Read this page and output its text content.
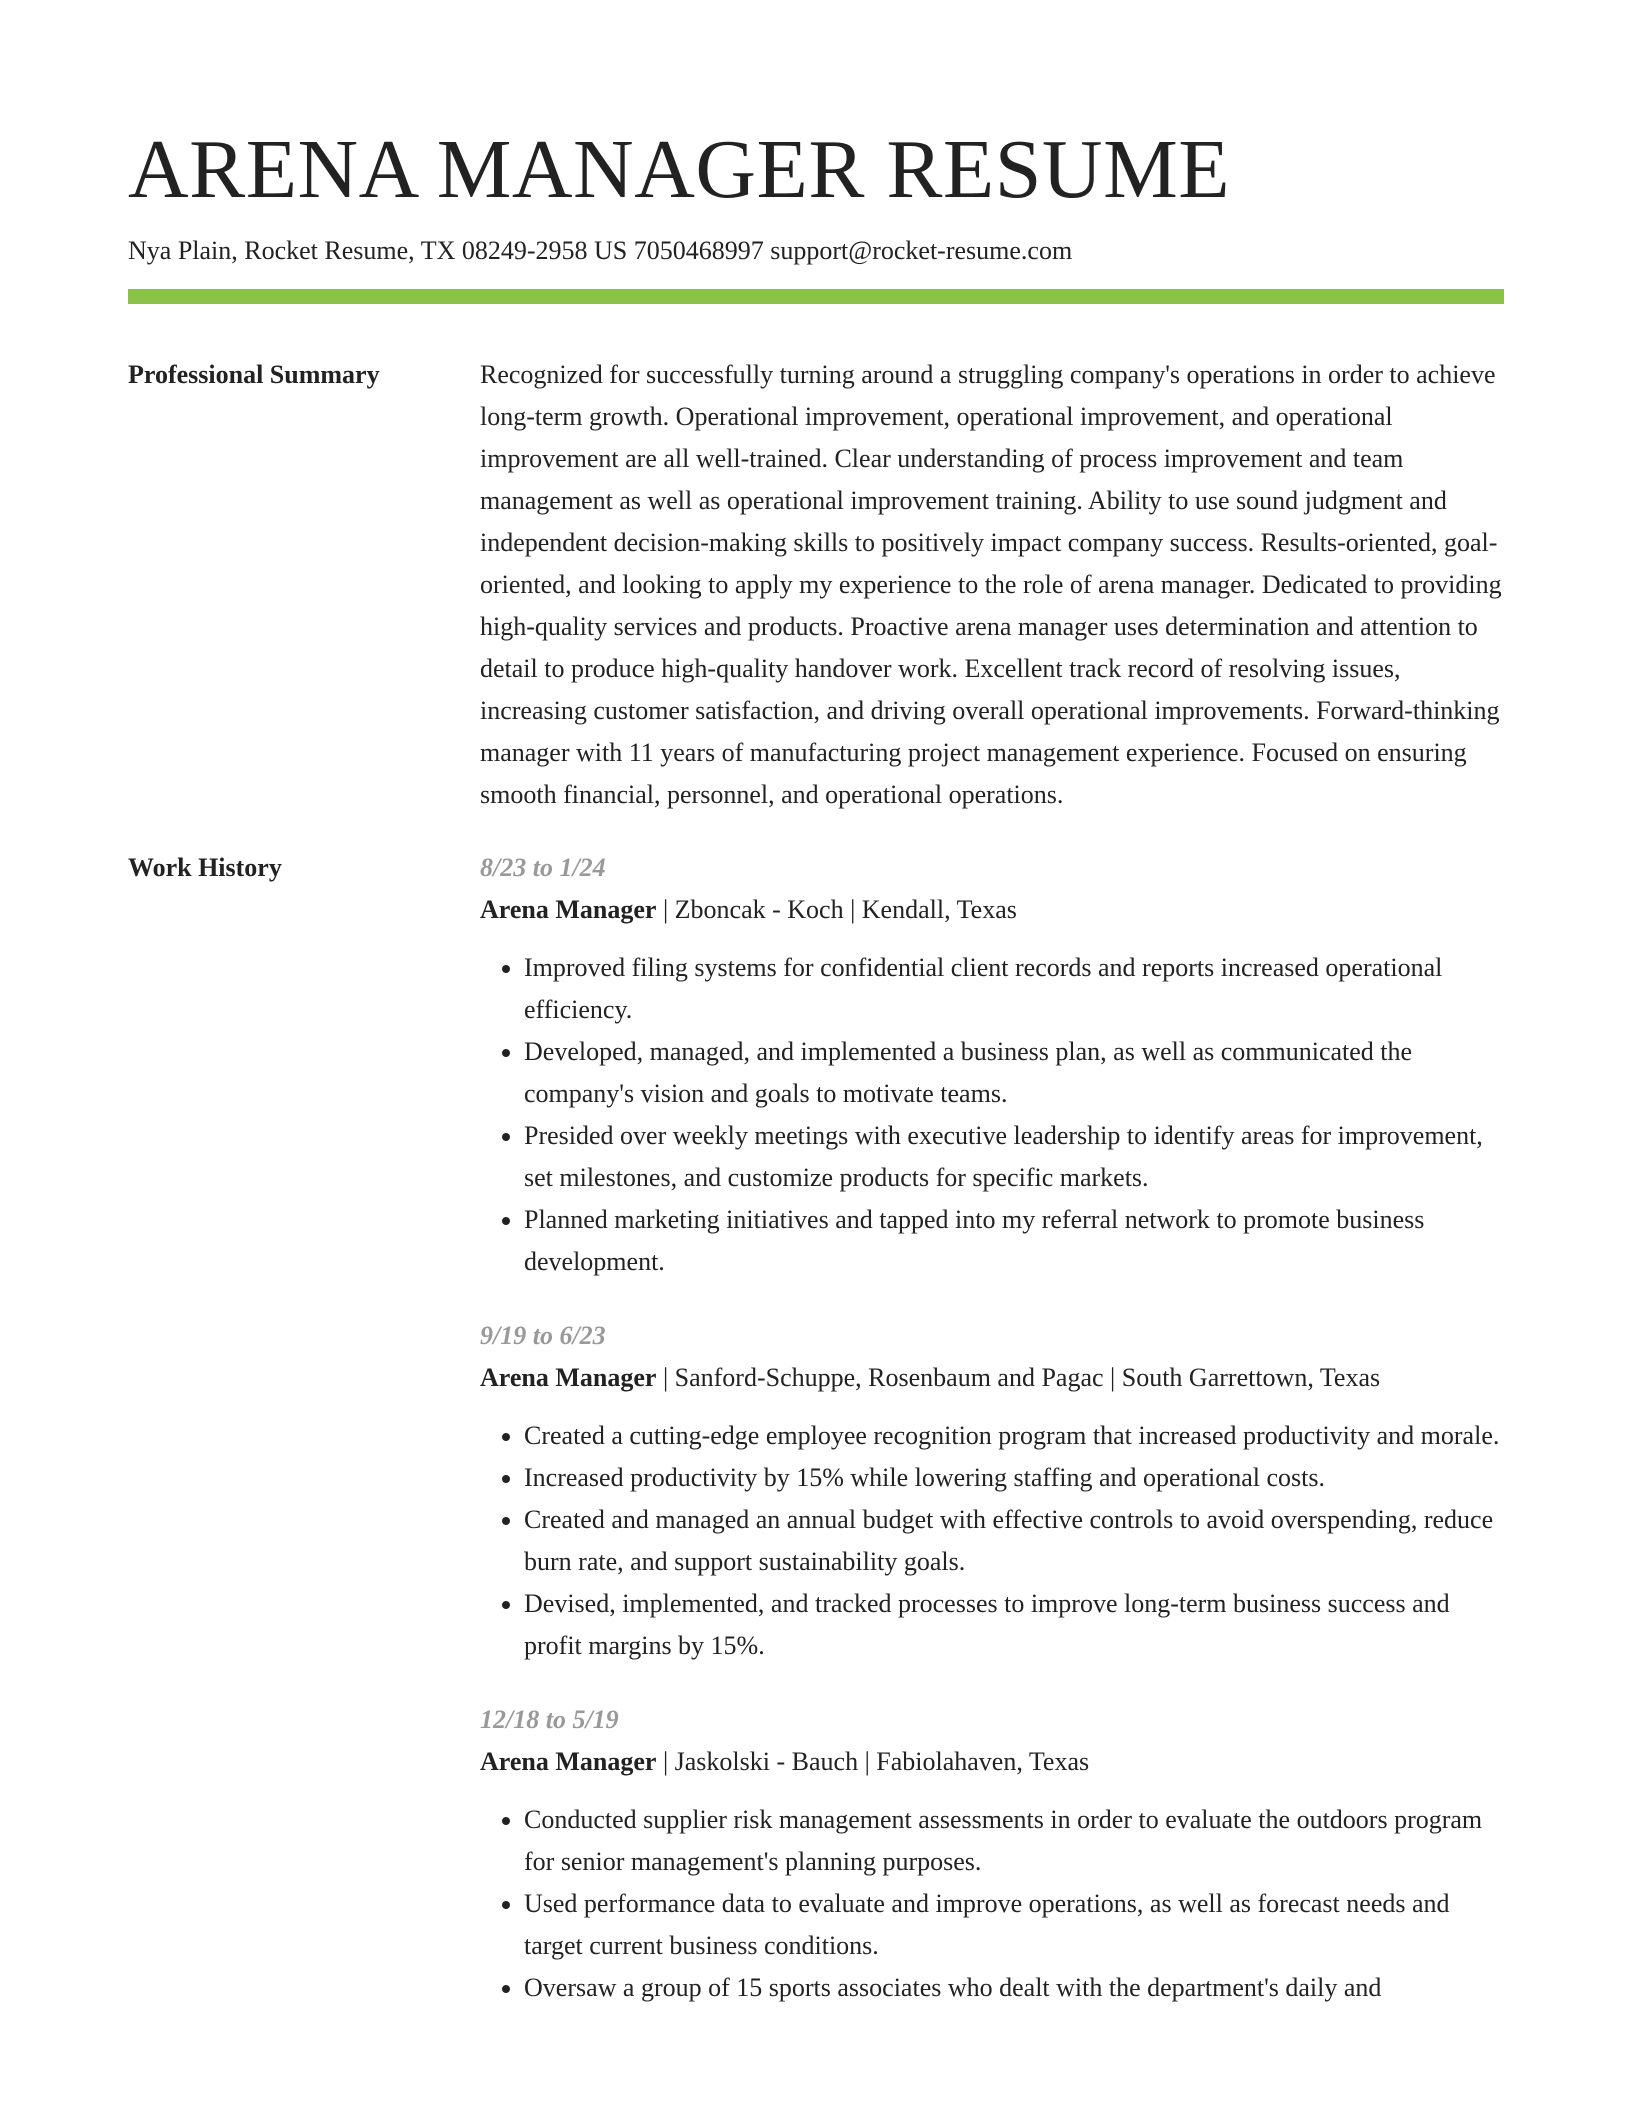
ARENA MANAGER RESUME
Nya Plain, Rocket Resume, TX 08249-2958 US 7050468997 support@rocket-resume.com
Professional Summary	Recognized for successfully turning around a struggling company's operations in order to achieve long-term growth. Operational improvement, operational improvement, and operational improvement are all well-trained. Clear understanding of process improvement and team management as well as operational improvement training. Ability to use sound judgment and independent decision-making skills to positively impact company success. Results-oriented, goal-oriented, and looking to apply my experience to the role of arena manager. Dedicated to providing high-quality services and products. Proactive arena manager uses determination and attention to detail to produce high-quality handover work. Excellent track record of resolving issues, increasing customer satisfaction, and driving overall operational improvements. Forward-thinking manager with 11 years of manufacturing project management experience. Focused on ensuring smooth financial, personnel, and operational operations.

Work History	8/23 to 1/24
Arena Manager | Zboncak - Koch | Kendall, Texas
• Improved filing systems for confidential client records and reports increased operational efficiency.
• Developed, managed, and implemented a business plan, as well as communicated the company's vision and goals to motivate teams.
• Presided over weekly meetings with executive leadership to identify areas for improvement, set milestones, and customize products for specific markets.
• Planned marketing initiatives and tapped into my referral network to promote business development.
9/19 to 6/23
Arena Manager | Sanford-Schuppe, Rosenbaum and Pagac | South Garrettown, Texas
• Created a cutting-edge employee recognition program that increased productivity and morale.
• Increased productivity by 15% while lowering staffing and operational costs.
• Created and managed an annual budget with effective controls to avoid overspending, reduce burn rate, and support sustainability goals.
• Devised, implemented, and tracked processes to improve long-term business success and profit margins by 15%.
12/18 to 5/19
Arena Manager | Jaskolski - Bauch | Fabiolahaven, Texas
• Conducted supplier risk management assessments in order to evaluate the outdoors program for senior management's planning purposes.
• Used performance data to evaluate and improve operations, as well as forecast needs and target current business conditions.
• Oversaw a group of 15 sports associates who dealt with the department's daily and
